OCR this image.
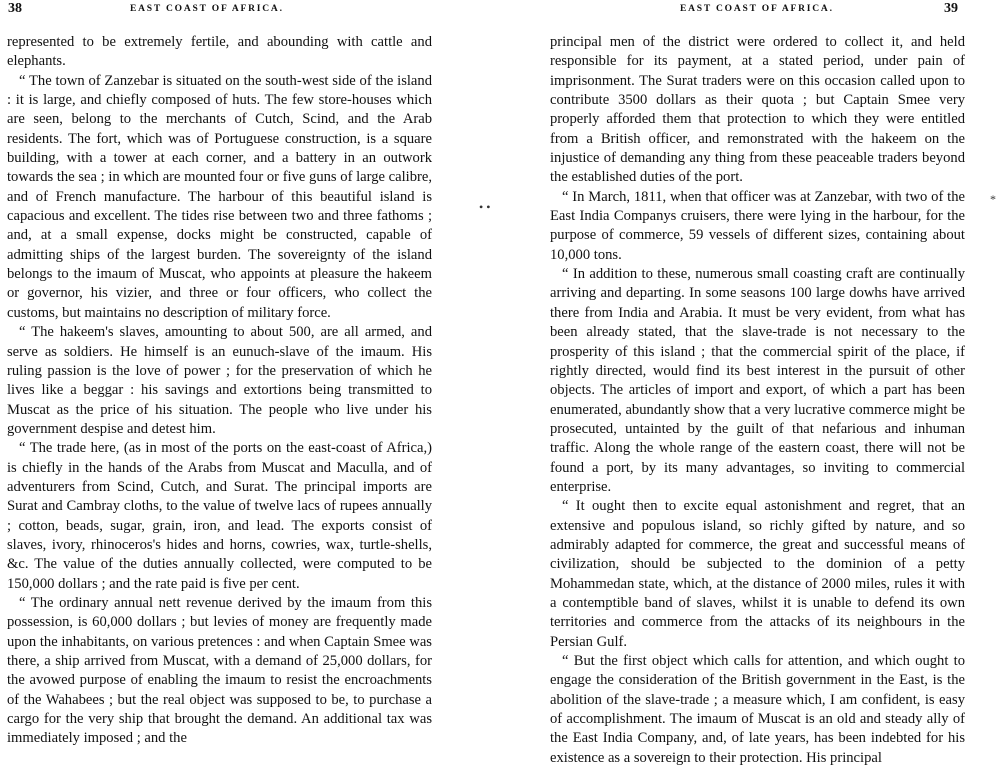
38	EAST COAST OF AFRICA.

represented to be extremely fertile, and abounding with cattle and elephants.

“ The town of Zanzebar is situated on the south-west side of the island : it is large, and chiefly composed of huts. The few store-houses which are seen, belong to the merchants of Cutch, Scind, and the Arab residents. The fort, which was of Portuguese construction, is a square building, with a tower at each corner, and a battery in an outwork towards the sea ; in which are mounted four or five guns of large calibre, and of French manufacture. The harbour of this beautiful island is capacious and excellent. The tides rise between two and three fathoms ; and, at a small expense, docks might be constructed, capable of admitting ships of the largest burden. The sovereignty of the island belongs to the imaum of Muscat, who appoints at pleasure the hakeem or governor, his vizier, and three or four officers, who collect the customs, but maintains no description of military force.

“ The hakeem's slaves, amounting to about 500, are all armed, and serve as soldiers. He himself is an eunuch-slave of the imaum. His ruling passion is the love of power ; for the preservation of which he lives like a beggar : his savings and extortions being transmitted to Muscat as the price of his situation. The people who live under his government despise and detest him.

“ The trade here, (as in most of the ports on the east-coast of Africa,) is chiefly in the hands of the Arabs from Muscat and Maculla, and of adventurers from Scind, Cutch, and Surat. The principal imports are Surat and Cambray cloths, to the value of twelve lacs of rupees annually ; cotton, beads, sugar, grain, iron, and lead. The exports consist of slaves, ivory, rhinoceros's hides and horns, cowries, wax, turtle-shells, &c. The value of the duties annually collected, were computed to be 150,000 dollars ; and the rate paid is five per cent.

“ The ordinary annual nett revenue derived by the imaum from this possession, is 60,000 dollars ; but levies of money are frequently made upon the inhabitants, on various pretences : and when Captain Smee was there, a ship arrived from Muscat, with a demand of 25,000 dollars, for the avowed purpose of enabling the imaum to resist the encroachments of the Wahabees ; but the real object was supposed to be, to purchase a cargo for the very ship that brought the demand. An additional tax was immediately imposed ; and the

• •
EAST COAST OF AFRICA.	39

principal men of the district were ordered to collect it, and held responsible for its payment, at a stated period, under pain of imprisonment. The Surat traders were on this occasion called upon to contribute 3500 dollars as their quota ; but Captain Smee very properly afforded them that protection to which they were entitled from a British officer, and remonstrated with the hakeem on the injustice of demanding any thing from these peaceable traders beyond the established duties of the port.

“ In March, 1811, when that officer was at Zanzebar, with two of the East India Companys cruisers, there were lying in the harbour, for the purpose of commerce, 59 vessels of different sizes, containing about 10,000 tons.

“ In addition to these, numerous small coasting craft are continually arriving and departing. In some seasons 100 large dowhs have arrived there from India and Arabia. It must be very evident, from what has been already stated, that the slave-trade is not necessary to the prosperity of this island ; that the commercial spirit of the place, if rightly directed, would find its best interest in the pursuit of other objects. The articles of import and export, of which a part has been enumerated, abundantly show that a very lucrative commerce might be prosecuted, untainted by the guilt of that nefarious and inhuman traffic. Along the whole range of the eastern coast, there will not be found a port, by its many advantages, so inviting to commercial enterprise.

“ It ought then to excite equal astonishment and regret, that an extensive and populous island, so richly gifted by nature, and so admirably adapted for commerce, the great and successful means of civilization, should be subjected to the dominion of a petty Mohammedan state, which, at the distance of 2000 miles, rules it with a contemptible band of slaves, whilst it is unable to defend its own territories and commerce from the attacks of its neighbours in the Persian Gulf.

“ But the first object which calls for attention, and which ought to engage the consideration of the British government in the East, is the abolition of the slave-trade ; a measure which, I am confident, is easy of accomplishment. The imaum of Muscat is an old and steady ally of the East India Company, and, of late years, has been indebted for his existence as a sovereign to their protection. His principal

*
